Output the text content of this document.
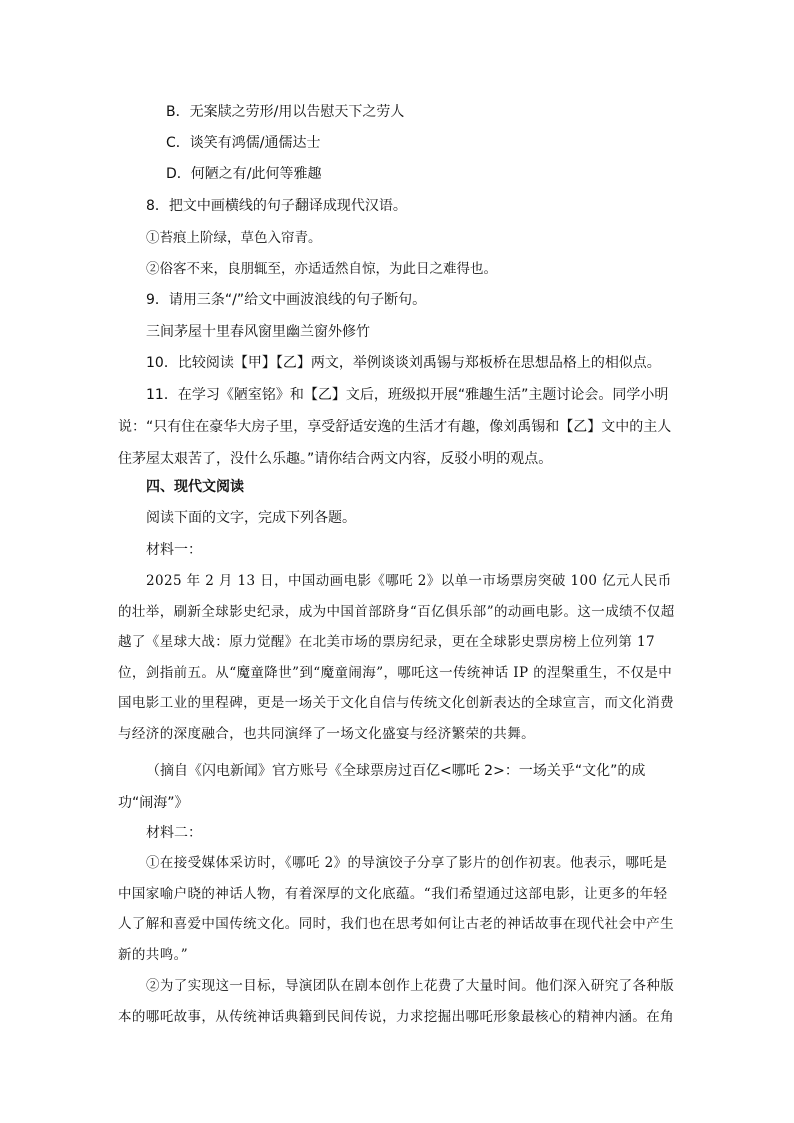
B．无案牍之劳形/用以告慰天下之劳人
C．谈笑有鸿儒/通儒达士
D．何陋之有/此何等雅趣
8．把文中画横线的句子翻译成现代汉语。
①苔痕上阶绿，草色入帘青。
②俗客不来，良朋辄至，亦适适然自惊，为此日之难得也。
9．请用三条“/”给文中画波浪线的句子断句。
三间茅屋十里春风窗里幽兰窗外修竹
10．比较阅读【甲】【乙】两文，举例谈谈刘禹锡与郑板桥在思想品格上的相似点。
11．在学习《陋室铭》和【乙】文后，班级拟开展“雅趣生活”主题讨论会。同学小明说：“只有住在豪华大房子里，享受舒适安逸的生活才有趣，像刘禹锡和【乙】文中的主人住茅屋太艰苦了，没什么乐趣。”请你结合两文内容，反驳小明的观点。
四、现代文阅读
阅读下面的文字，完成下列各题。
材料一：
2025 年 2 月 13 日，中国动画电影《哪吒 2》以单一市场票房突破 100 亿元人民币的壮举，刷新全球影史纪录，成为中国首部跻身“百亿俱乐部”的动画电影。这一成绩不仅超越了《星球大战：原力觉醒》在北美市场的票房纪录，更在全球影史票房榜上位列第 17 位，剑指前五。从“魔童降世”到“魔童闹海”，哪吒这一传统神话 IP 的涅槃重生，不仅是中国电影工业的里程碑，更是一场关于文化自信与传统文化创新表达的全球宣言，而文化消费与经济的深度融合，也共同演绎了一场文化盛宴与经济繁荣的共舞。
（摘自《闪电新闻》官方账号《全球票房过百亿<哪吒 2>：一场关乎“文化”的成功“闹海”》
材料二：
①在接受媒体采访时，《哪吒 2》的导演饺子分享了影片的创作初衷。他表示，哪吒是中国家喻户晓的神话人物，有着深厚的文化底蕴。“我们希望通过这部电影，让更多的年轻人了解和喜爱中国传统文化。同时，我们也在思考如何让古老的神话故事在现代社会中产生新的共鸣。”
②为了实现这一目标，导演团队在剧本创作上花费了大量时间。他们深入研究了各种版本的哪吒故事，从传统神话典籍到民间传说，力求挖掘出哪吒形象最核心的精神内涵。在角
